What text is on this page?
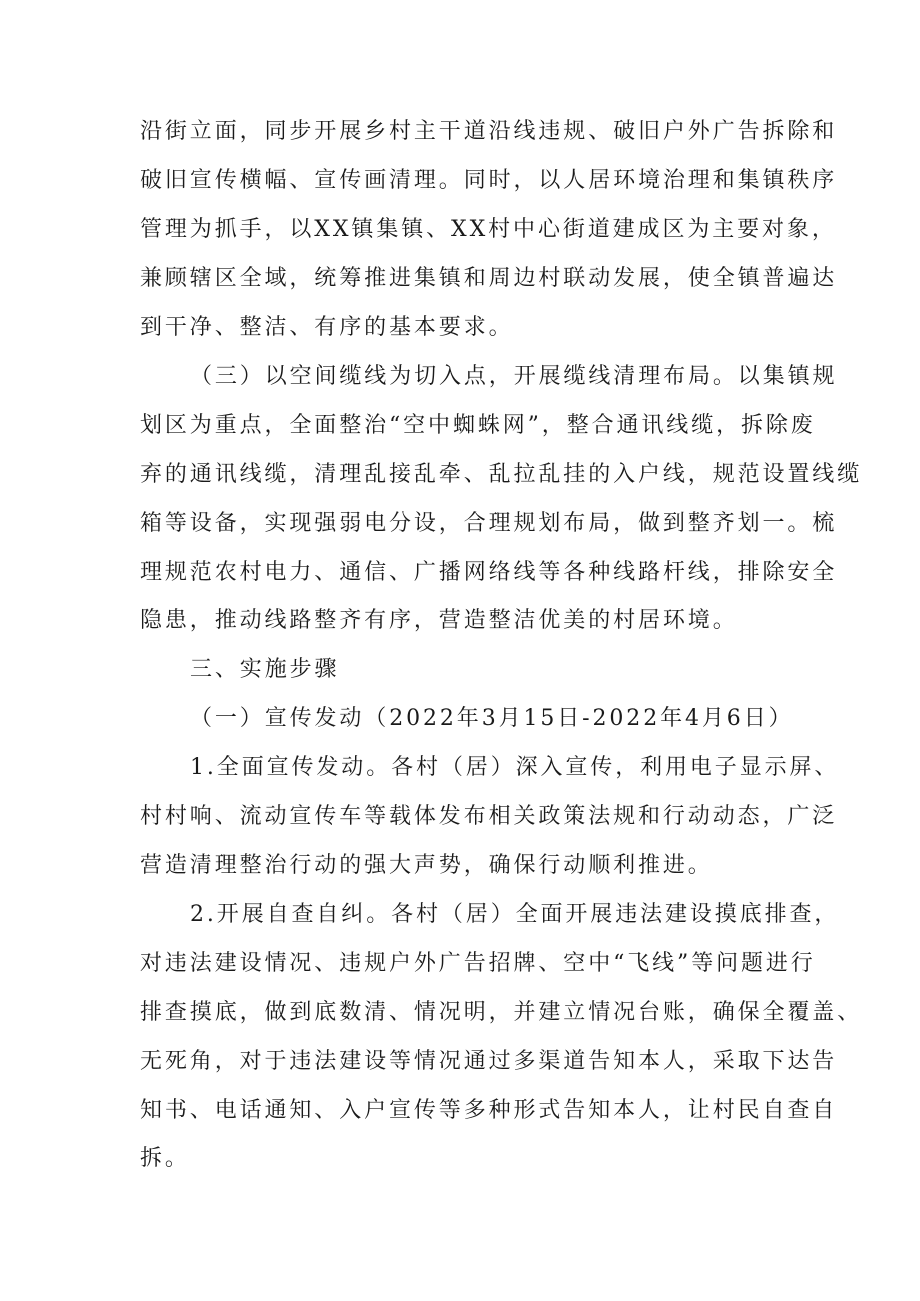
沿街立面，同步开展乡村主干道沿线违规、破旧户外广告拆除和
破旧宣传横幅、宣传画清理。同时，以人居环境治理和集镇秩序
管理为抓手，以XX镇集镇、XX村中心街道建成区为主要对象，
兼顾辖区全域，统筹推进集镇和周边村联动发展，使全镇普遍达
到干净、整洁、有序的基本要求。
（三）以空间缆线为切入点，开展缆线清理布局。以集镇规
划区为重点，全面整治“空中蜘蛛网”，整合通讯线缆，拆除废
弃的通讯线缆，清理乱接乱牵、乱拉乱挂的入户线，规范设置线缆
箱等设备，实现强弱电分设，合理规划布局，做到整齐划一。梳
理规范农村电力、通信、广播网络线等各种线路杆线，排除安全
隐患，推动线路整齐有序，营造整洁优美的村居环境。
三、实施步骤
（一）宣传发动（2022年3月15日-2022年4月6日）
1.全面宣传发动。各村（居）深入宣传，利用电子显示屏、
村村响、流动宣传车等载体发布相关政策法规和行动动态，广泛
营造清理整治行动的强大声势，确保行动顺利推进。
2.开展自查自纠。各村（居）全面开展违法建设摸底排查，
对违法建设情况、违规户外广告招牌、空中“飞线”等问题进行
排查摸底，做到底数清、情况明，并建立情况台账，确保全覆盖、
无死角，对于违法建设等情况通过多渠道告知本人，采取下达告
知书、电话通知、入户宣传等多种形式告知本人，让村民自查自
拆。
